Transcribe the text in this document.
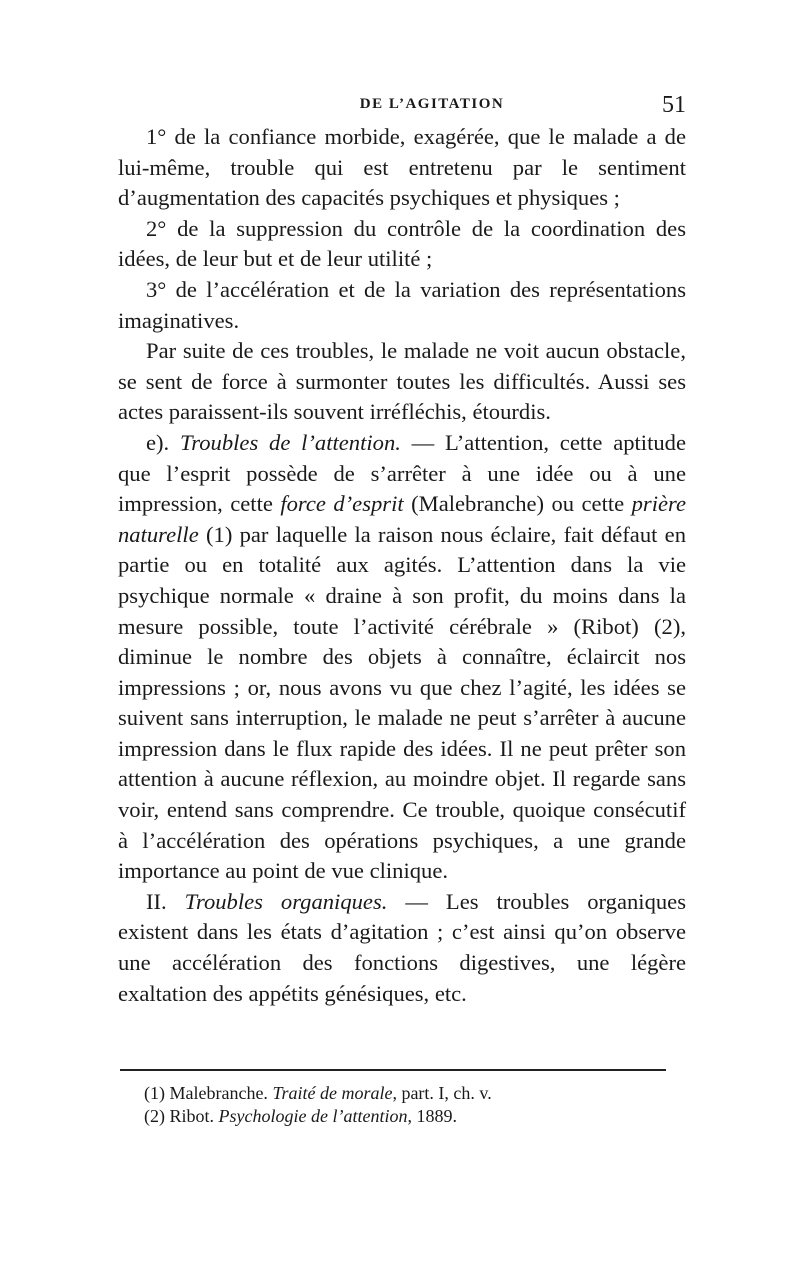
DE L’AGITATION	51

1° de la confiance morbide, exagérée, que le malade a de lui-même, trouble qui est entretenu par le sentiment d’augmentation des capacités psychiques et physiques ;

2° de la suppression du contrôle de la coordination des idées, de leur but et de leur utilité ;

3° de l’accélération et de la variation des représentations imaginatives.

Par suite de ces troubles, le malade ne voit aucun obstacle, se sent de force à surmonter toutes les difficultés. Aussi ses actes paraissent-ils souvent irréfléchis, étourdis.

e). Troubles de l’attention. — L’attention, cette aptitude que l’esprit possède de s’arrêter à une idée ou à une impression, cette force d’esprit (Malebranche) ou cette prière naturelle (1) par laquelle la raison nous éclaire, fait défaut en partie ou en totalité aux agités. L’attention dans la vie psychique normale « draine à son profit, du moins dans la mesure possible, toute l’activité cérébrale » (Ribot) (2), diminue le nombre des objets à connaître, éclaircit nos impressions ; or, nous avons vu que chez l’agité, les idées se suivent sans interruption, le malade ne peut s’arrêter à aucune impression dans le flux rapide des idées. Il ne peut prêter son attention à aucune réflexion, au moindre objet. Il regarde sans voir, entend sans comprendre. Ce trouble, quoique consécutif à l’accélération des opérations psychiques, a une grande importance au point de vue clinique.

II. Troubles organiques. — Les troubles organiques existent dans les états d’agitation ; c’est ainsi qu’on observe une accélération des fonctions digestives, une légère exaltation des appétits génésiques, etc.

(1) Malebranche. Traité de morale, part. I, ch. v.
(2) Ribot. Psychologie de l’attention, 1889.
